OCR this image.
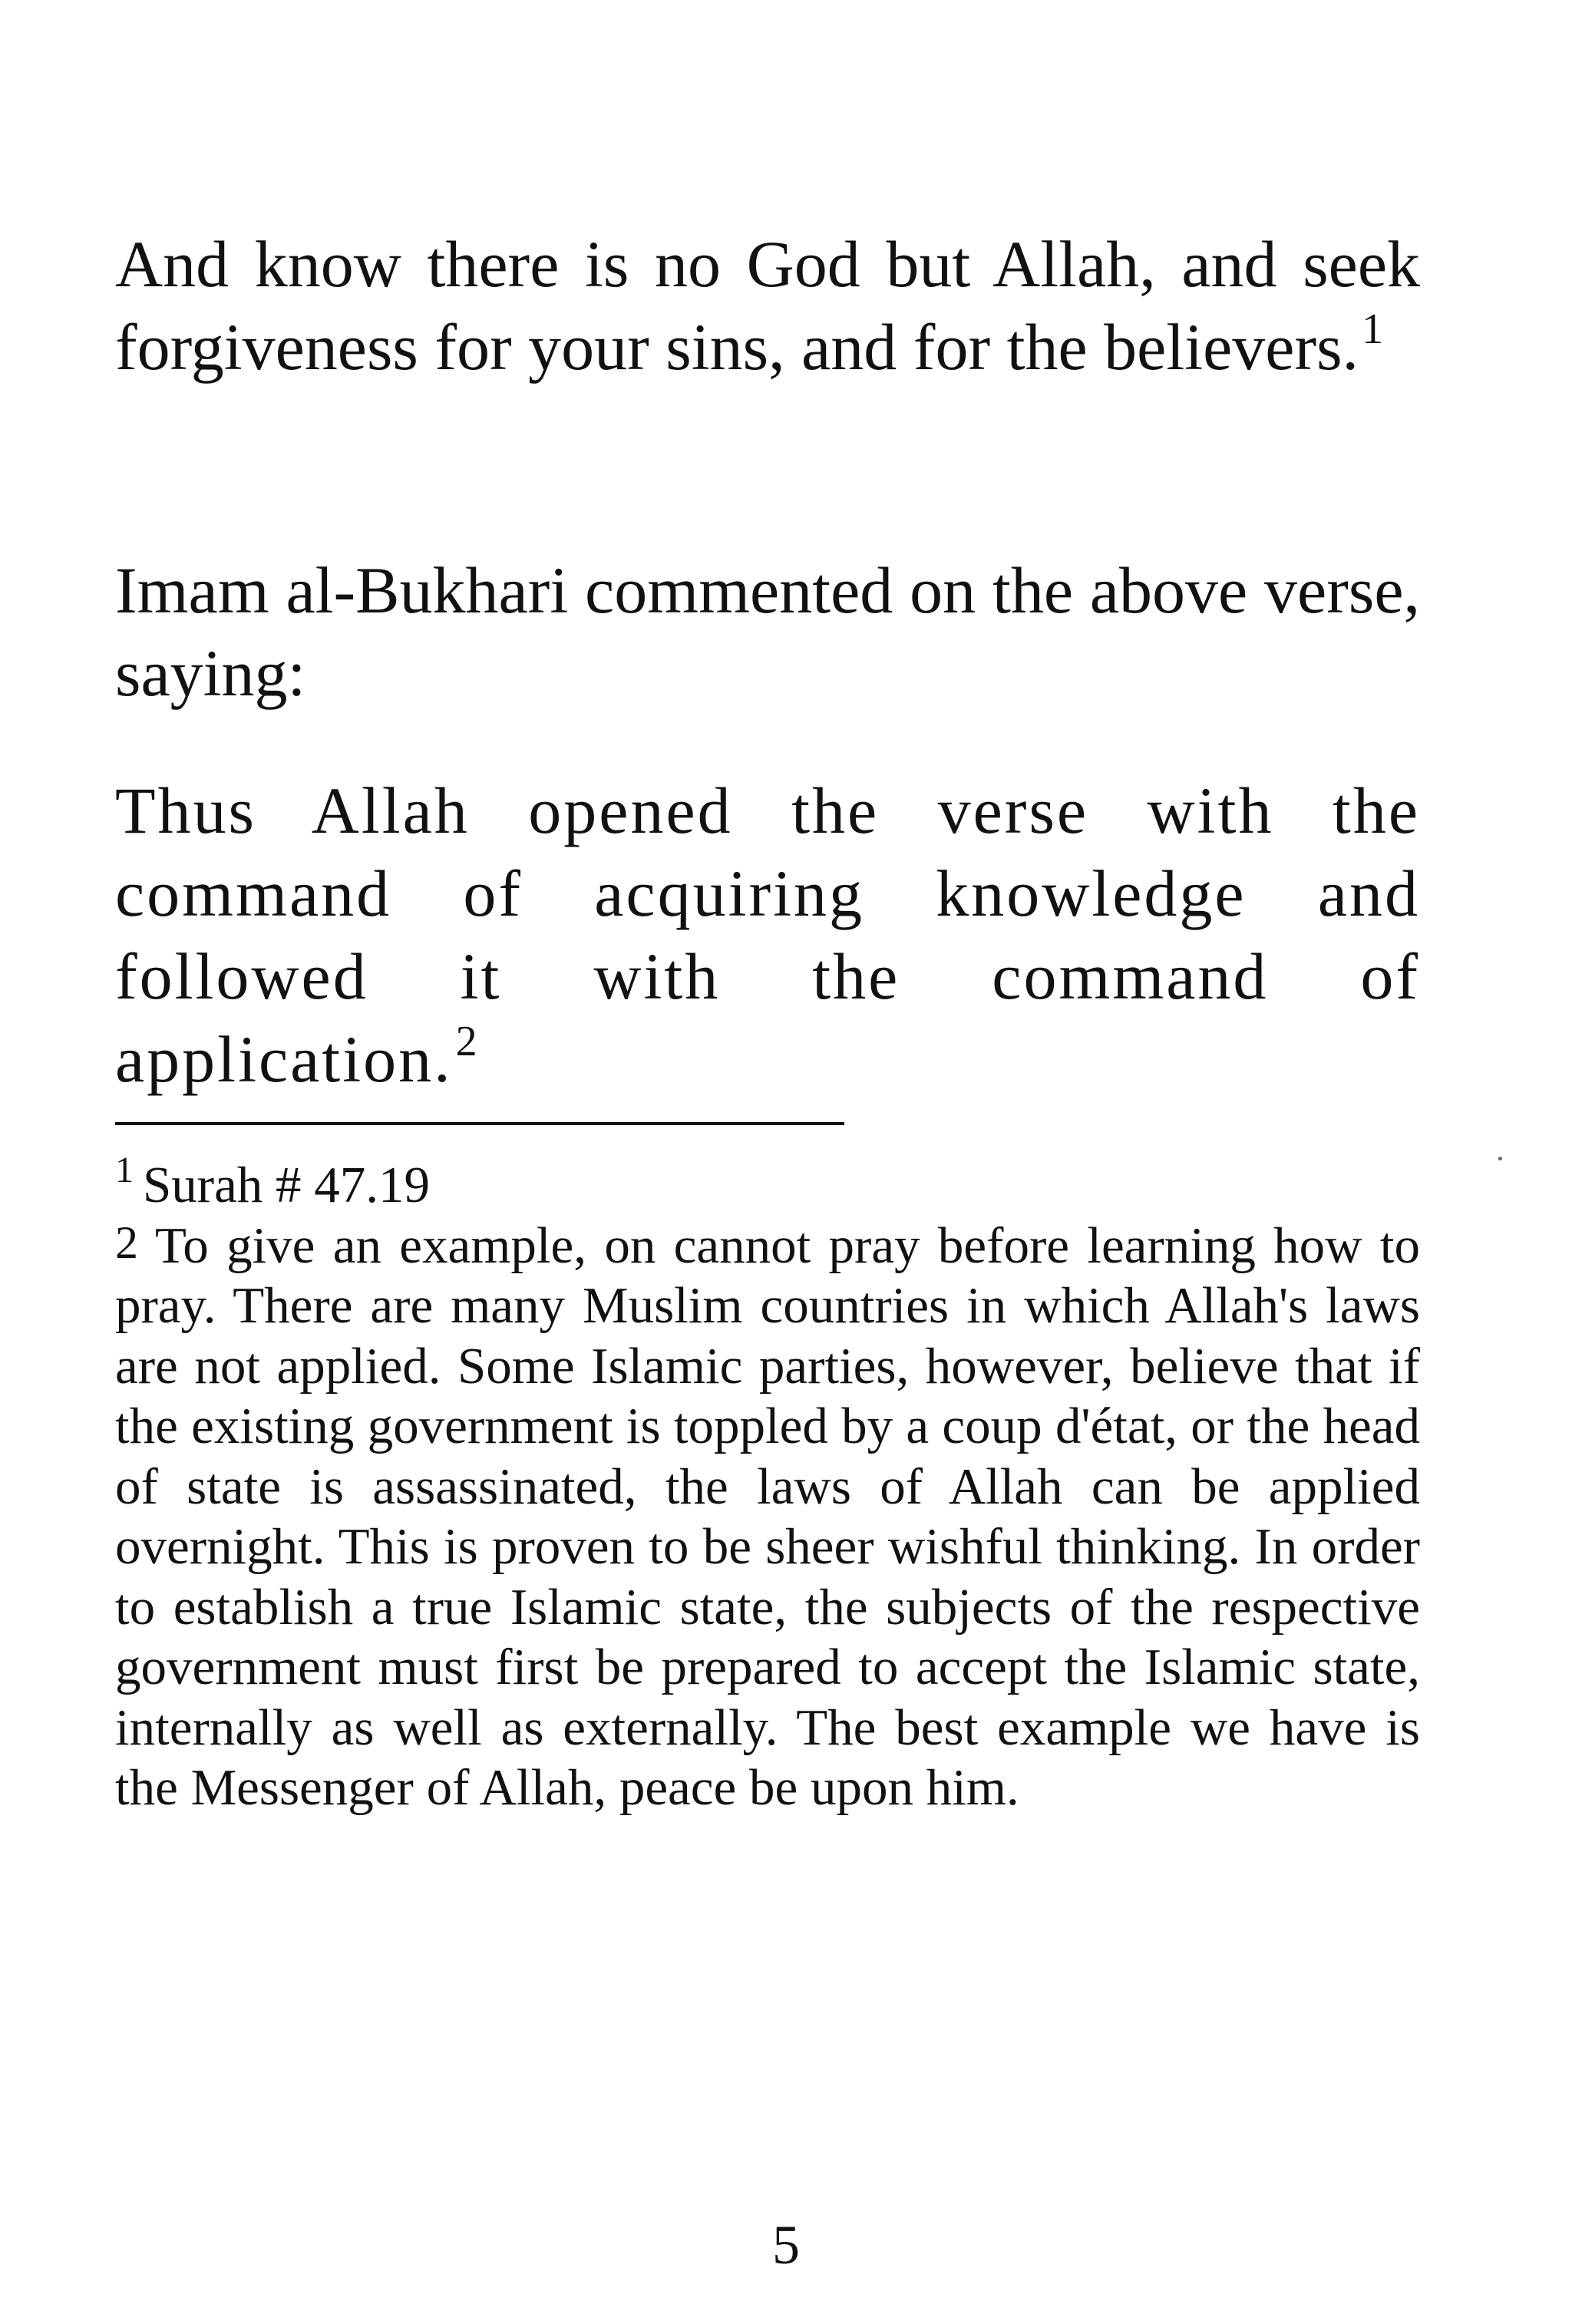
And know there is no God but Allah, and seek forgiveness for your sins, and for the believers.$^1$

Imam al-Bukhari commented on the above verse, saying:

Thus Allah opened the verse with the command of acquiring knowledge and followed it with the command of application.$^2$

$^1$ Surah # 47.19

2 To give an example, on cannot pray before learning how to pray. There are many Muslim countries in which Allah's laws are not applied. Some Islamic parties, however, believe that if the existing government is toppled by a coup d'état, or the head of state is assassinated, the laws of Allah can be applied overnight. This is proven to be sheer wishful thinking. In order to establish a true Islamic state, the subjects of the respective government must first be prepared to accept the Islamic state, internally as well as externally. The best example we have is the Messenger of Allah, peace be upon him.

5
